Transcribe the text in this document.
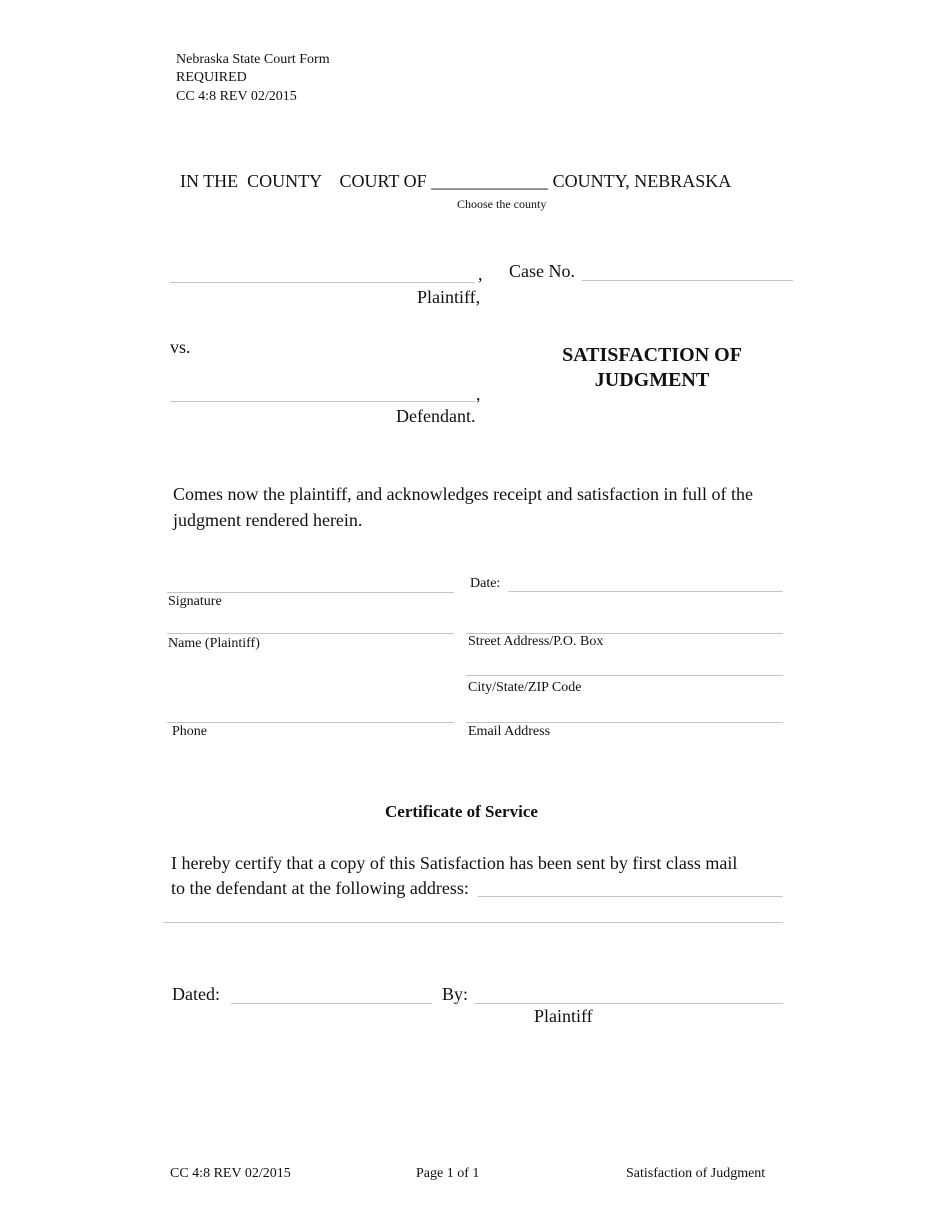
Nebraska State Court Form
REQUIRED
CC 4:8 REV 02/2015
IN THE  COUNTY    COURT OF _____________ COUNTY, NEBRASKA
Choose the county
,
Plaintiff,
Case No.
vs.
,
Defendant.
SATISFACTION OF
JUDGMENT
Comes now the plaintiff, and acknowledges receipt and satisfaction in full of the
judgment rendered herein.
Signature
Date:
Name (Plaintiff)	Street Address/P.O. Box
City/State/ZIP Code
Phone	Email Address
Certificate of Service
I hereby certify that a copy of this Satisfaction has been sent by first class mail
to the defendant at the following address:
Dated:	By:
Plaintiff
CC 4:8 REV 02/2015	Page 1 of 1	Satisfaction of Judgment
